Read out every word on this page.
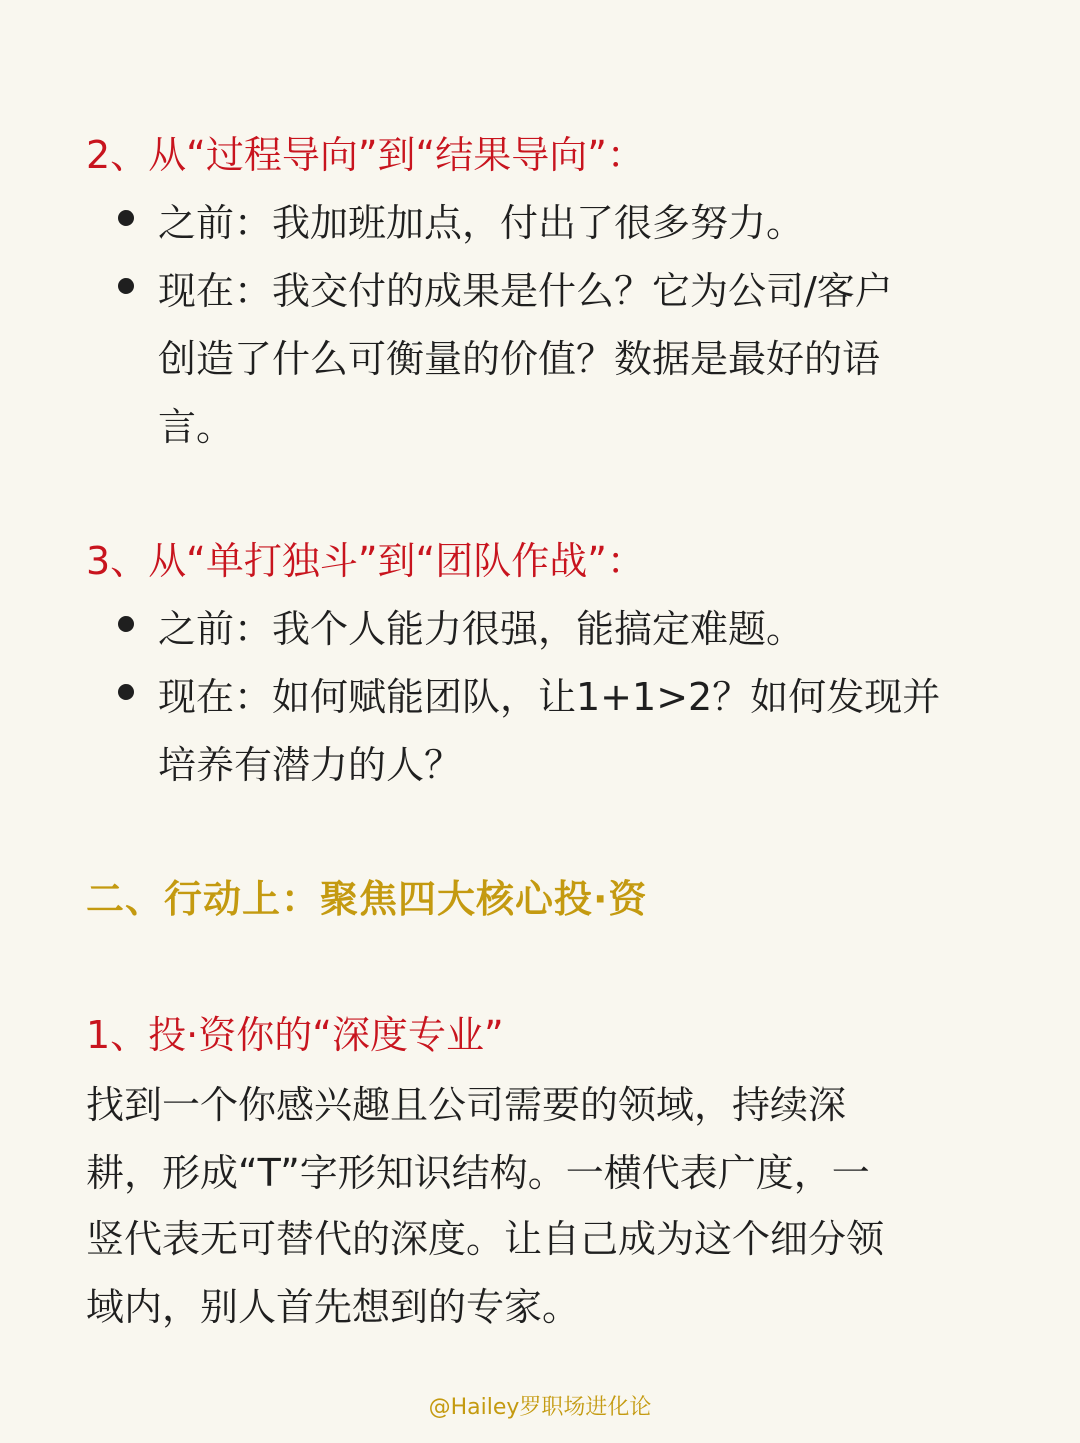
2、从“过程导向”到“结果导向”：
之前：我加班加点，付出了很多努力。
现在：我交付的成果是什么？它为公司/客户
创造了什么可衡量的价值？数据是最好的语
言。
3、从“单打独斗”到“团队作战”：
之前：我个人能力很强，能搞定难题。
现在：如何赋能团队，让1+1>2？如何发现并
培养有潜力的人？
二、行动上：聚焦四大核心投·资
1、投·资你的“深度专业”
找到一个你感兴趣且公司需要的领域，持续深
耕，形成“T”字形知识结构。一横代表广度，一
竖代表无可替代的深度。让自己成为这个细分领
域内，别人首先想到的专家。
@Hailey罗职场进化论
